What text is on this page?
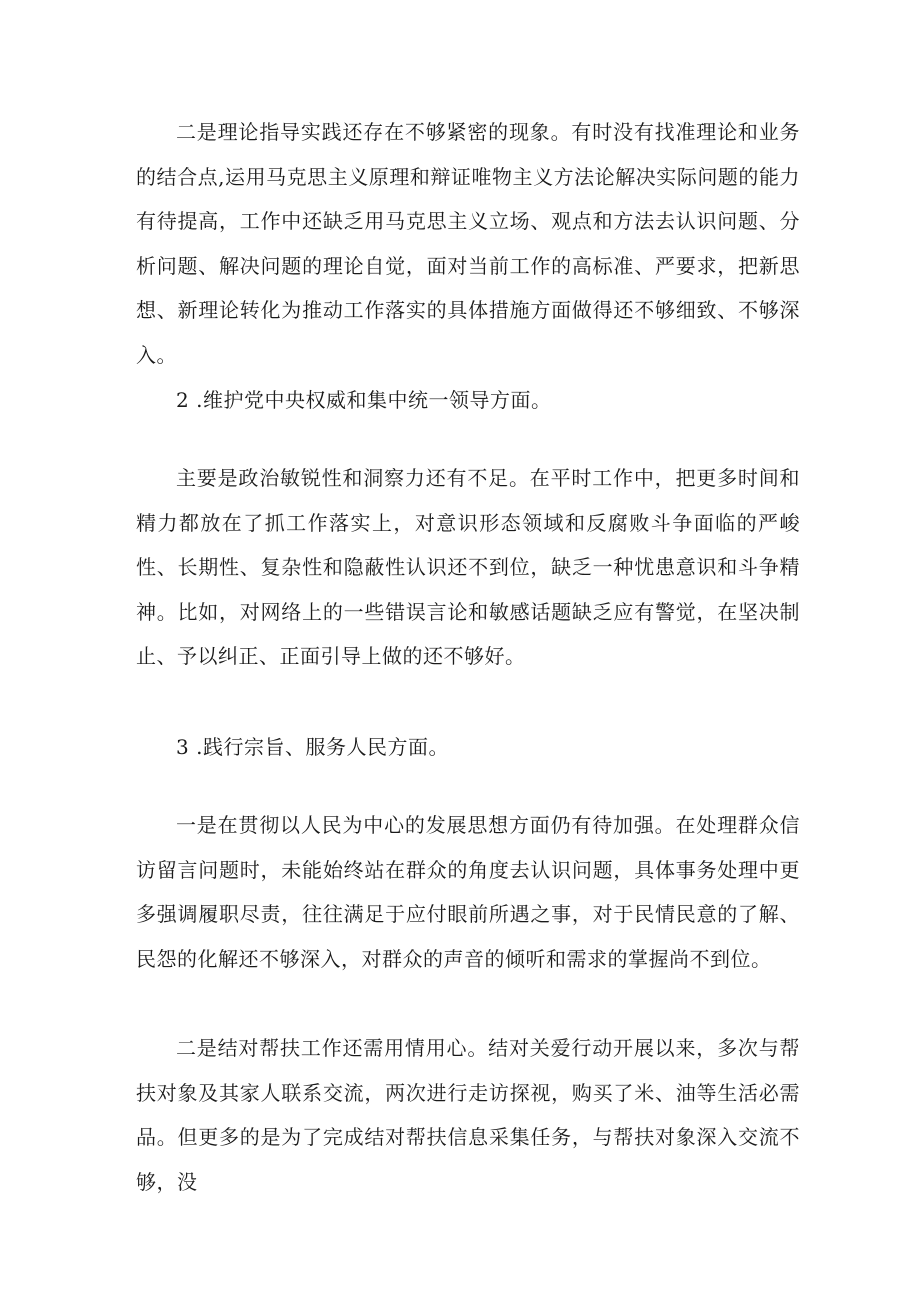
二是理论指导实践还存在不够紧密的现象。有时没有找准理论和业务的结合点,运用马克思主义原理和辩证唯物主义方法论解决实际问题的能力有待提高，工作中还缺乏用马克思主义立场、观点和方法去认识问题、分析问题、解决问题的理论自觉，面对当前工作的高标准、严要求，把新思想、新理论转化为推动工作落实的具体措施方面做得还不够细致、不够深入。

2 .维护党中央权威和集中统一领导方面。

主要是政治敏锐性和洞察力还有不足。在平时工作中，把更多时间和精力都放在了抓工作落实上，对意识形态领域和反腐败斗争面临的严峻性、长期性、复杂性和隐蔽性认识还不到位，缺乏一种忧患意识和斗争精神。比如，对网络上的一些错误言论和敏感话题缺乏应有警觉，在坚决制止、予以纠正、正面引导上做的还不够好。

3 .践行宗旨、服务人民方面。

一是在贯彻以人民为中心的发展思想方面仍有待加强。在处理群众信访留言问题时，未能始终站在群众的角度去认识问题，具体事务处理中更多强调履职尽责，往往满足于应付眼前所遇之事，对于民情民意的了解、民怨的化解还不够深入，对群众的声音的倾听和需求的掌握尚不到位。

二是结对帮扶工作还需用情用心。结对关爱行动开展以来，多次与帮扶对象及其家人联系交流，两次进行走访探视，购买了米、油等生活必需品。但更多的是为了完成结对帮扶信息采集任务，与帮扶对象深入交流不够，没
